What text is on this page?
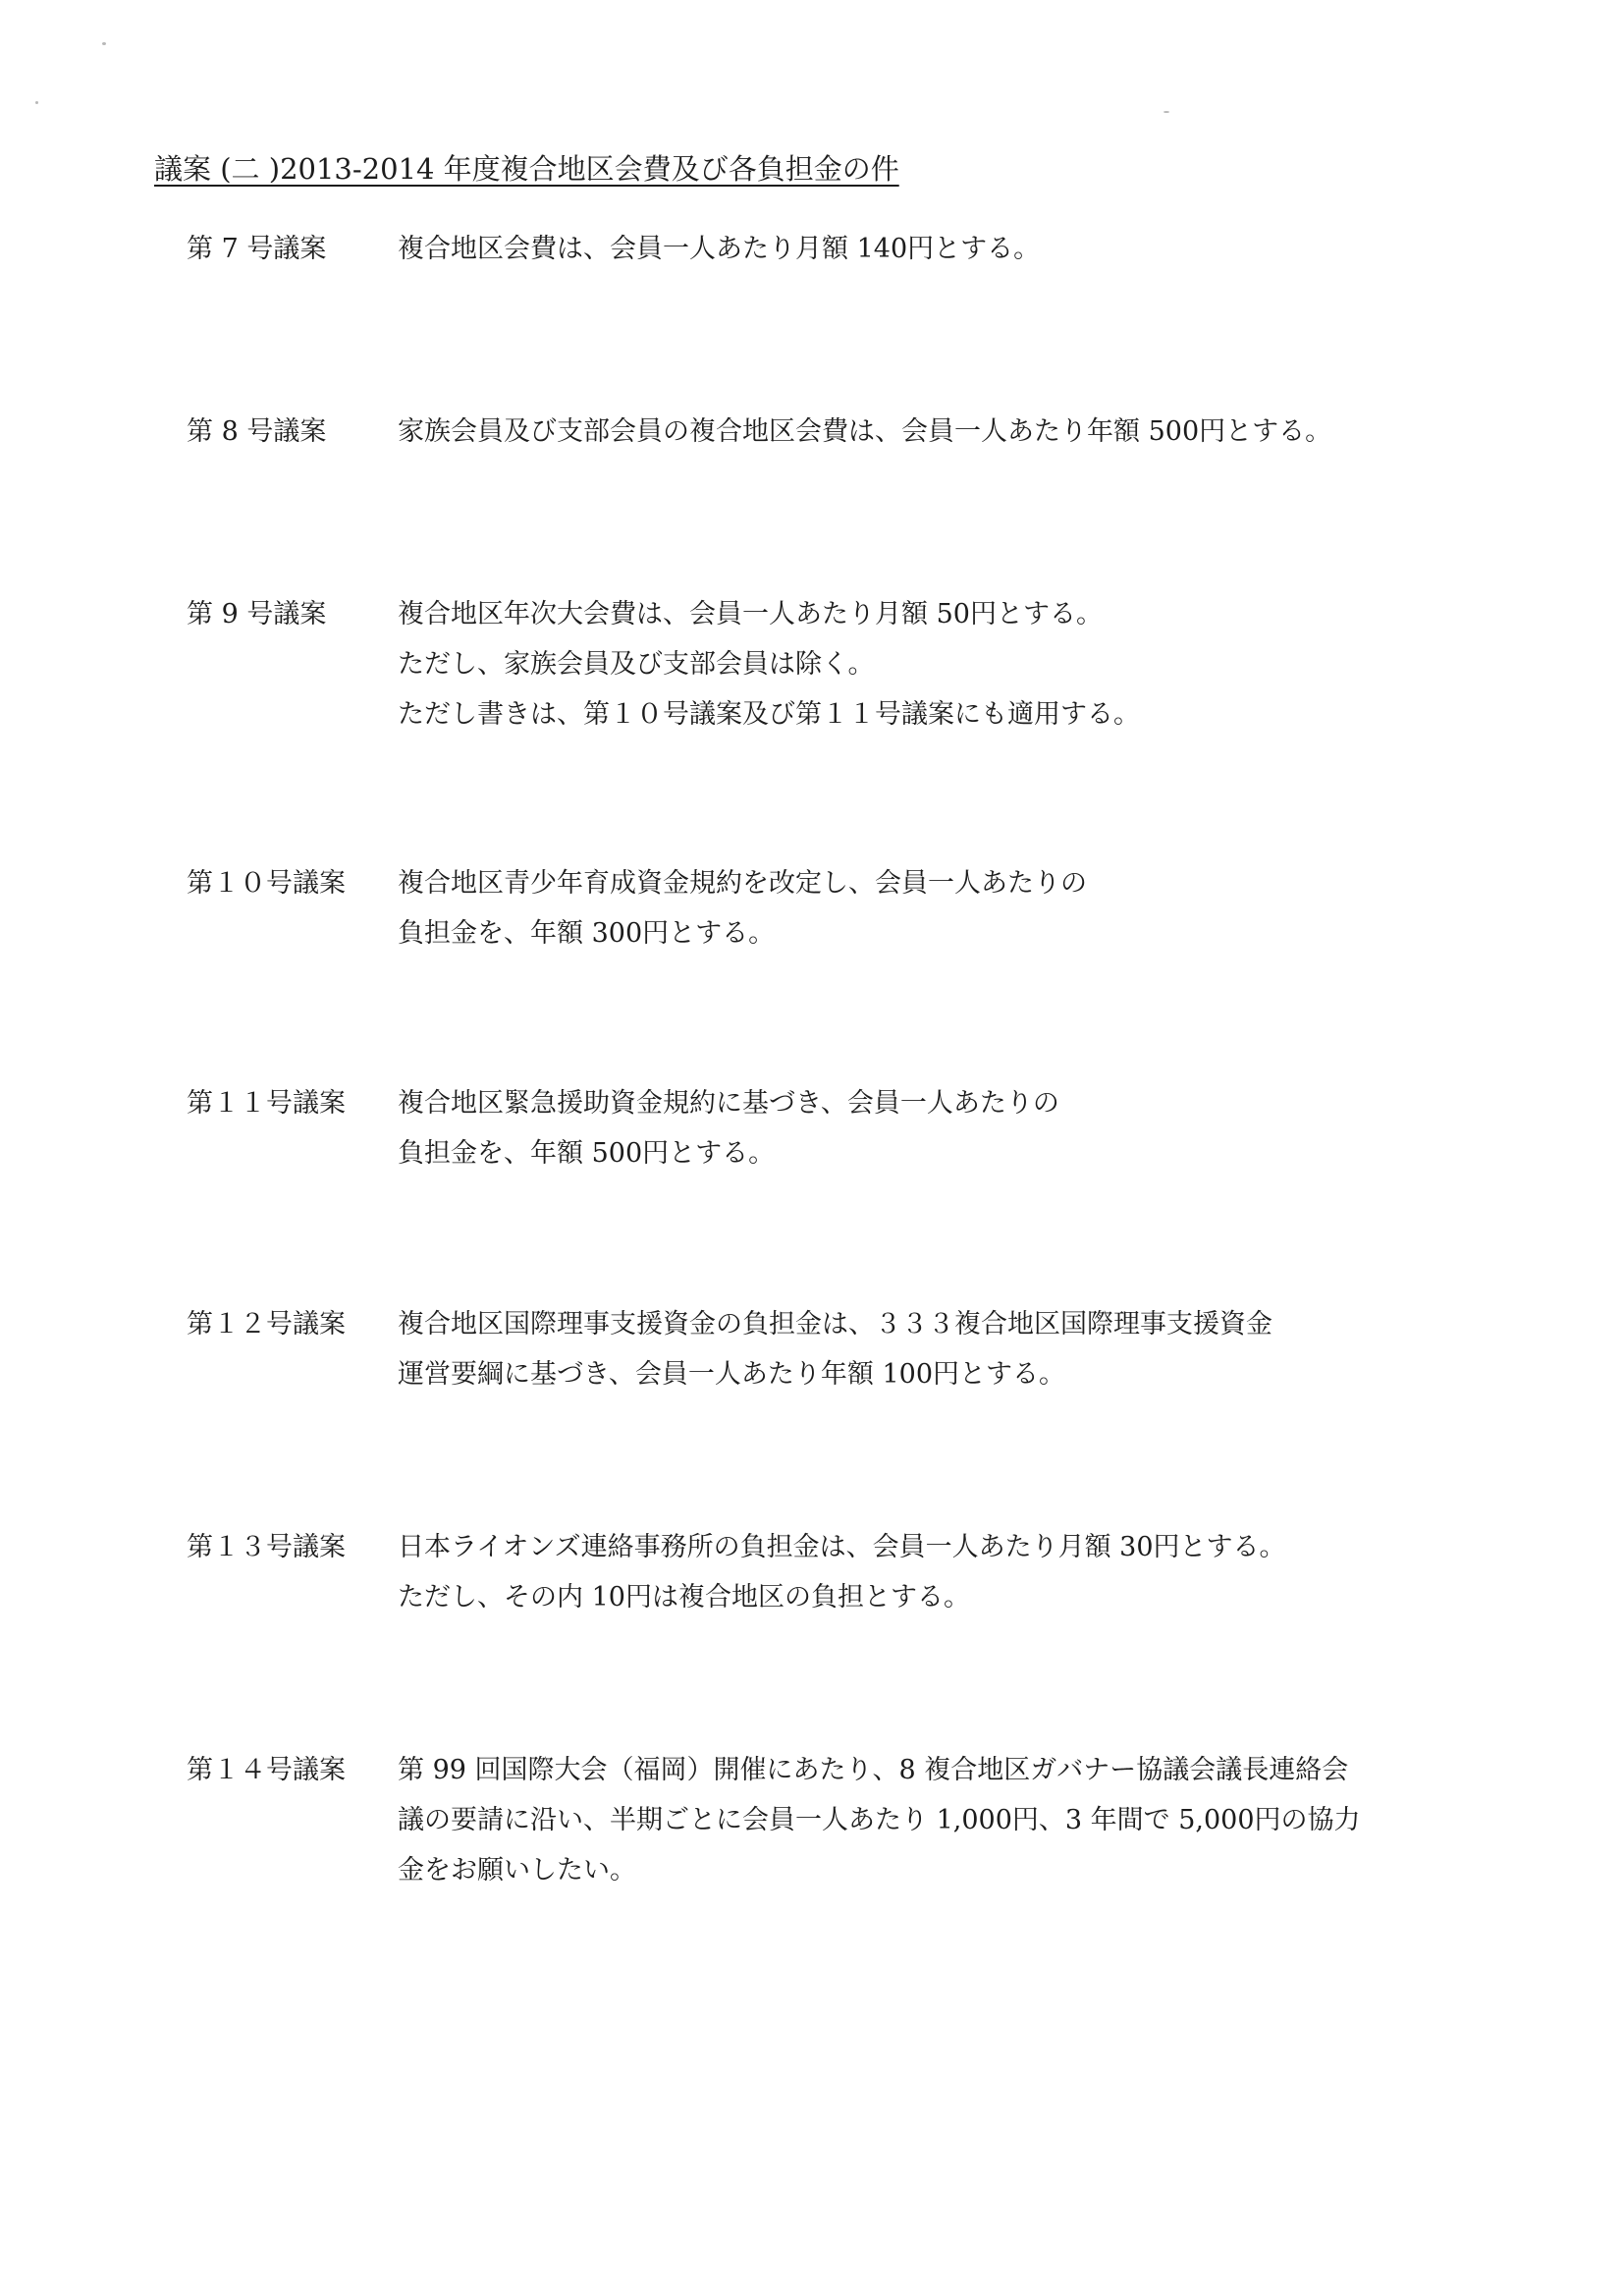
議案 (二 )2013-2014 年度複合地区会費及び各負担金の件
第 7 号議案	複合地区会費は、会員一人あたり月額 140円とする。
第 8 号議案	家族会員及び支部会員の複合地区会費は、会員一人あたり年額 500円とする。
第 9 号議案	複合地区年次大会費は、会員一人あたり月額 50円とする。
ただし、家族会員及び支部会員は除く。
ただし書きは、第１０号議案及び第１１号議案にも適用する。
第１０号議案 複合地区青少年育成資金規約を改定し、会員一人あたりの
負担金を、年額 300円とする。
第１１号議案 複合地区緊急援助資金規約に基づき、会員一人あたりの
負担金を、年額 500円とする。
第１２号議案 複合地区国際理事支援資金の負担金は、３３３複合地区国際理事支援資金
運営要綱に基づき、会員一人あたり年額 100円とする。
第１３号議案 日本ライオンズ連絡事務所の負担金は、会員一人あたり月額 30円とする。
ただし、その内 10円は複合地区の負担とする。
第１４号議案 第 99 回国際大会（福岡）開催にあたり、8 複合地区ガバナー協議会議長連絡会
議の要請に沿い、半期ごとに会員一人あたり 1,000円、3 年間で 5,000円の協力
金をお願いしたい。
